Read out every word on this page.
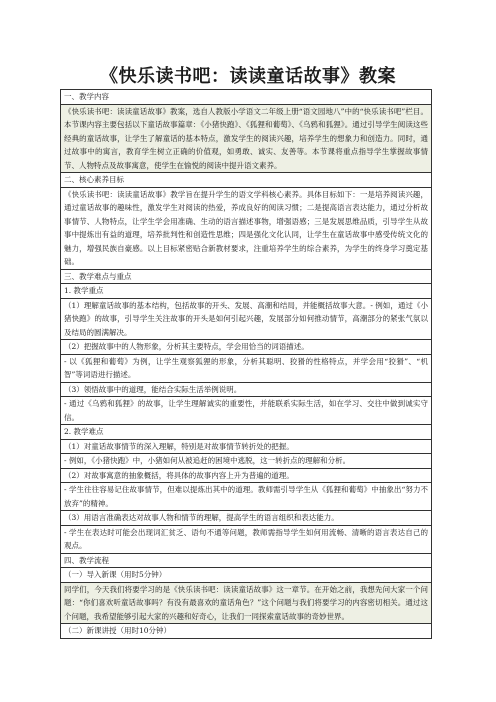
《快乐读书吧：读读童话故事》教案
一、教学内容
《快乐读书吧：读读童话故事》教案，选自人教版小学语文二年级上册“语文园地八”中的“快乐读书吧”栏目。本节课内容主要包括以下童话故事篇章：《小猪快跑》、《狐狸和葡萄》、《乌鸦和狐狸》。通过引导学生阅读这些经典的童话故事，让学生了解童话的基本特点，激发学生的阅读兴趣，培养学生的想象力和创造力。同时，通过故事中的寓言，教育学生树立正确的价值观，如勇敢、诚实、友善等。本节课将重点指导学生掌握故事情节、人物特点及故事寓意，使学生在愉悦的阅读中提升语文素养。
二、核心素养目标
《快乐读书吧：读读童话故事》教学旨在提升学生的语文学科核心素养。具体目标如下：一是培养阅读兴趣，通过童话故事的趣味性，激发学生对阅读的热爱，养成良好的阅读习惯；二是提高语言表达能力，通过分析故事情节、人物特点，让学生学会用准确、生动的语言描述事物，增强语感；三是发展思维品质，引导学生从故事中提炼出有益的道理，培养批判性和创造性思维；四是强化文化认同，让学生在童话故事中感受传统文化的魅力，增强民族自豪感。以上目标紧密贴合新教材要求，注重培养学生的综合素养，为学生的终身学习奠定基础。
三、教学难点与重点
1. 教学重点
（1）理解童话故事的基本结构，包括故事的开头、发展、高潮和结局，并能概括故事大意。- 例如，通过《小猪快跑》的故事，引导学生关注故事的开头是如何引起兴趣，发展部分如何推动情节，高潮部分的紧张气氛以及结局的圆满解决。
（2）把握故事中的人物形象，分析其主要特点，学会用恰当的词语描述。
- 以《狐狸和葡萄》为例，让学生观察狐狸的形象，分析其聪明、狡猾的性格特点，并学会用“狡猾”、“机智”等词语进行描述。
（3）领悟故事中的道理，能结合实际生活举例说明。
- 通过《乌鸦和狐狸》的故事，让学生理解诚实的重要性，并能联系实际生活，如在学习、交往中做到诚实守信。
2. 教学难点
（1）对童话故事情节的深入理解，特别是对故事情节转折处的把握。
- 例如，《小猪快跑》中，小猪如何从被追赶的困境中逃脱，这一转折点的理解和分析。
（2）对故事寓意的抽象概括，将具体的故事内容上升为普遍的道理。
- 学生往往容易记住故事情节，但难以提炼出其中的道理。教师需引导学生从《狐狸和葡萄》中抽象出“努力不放弃”的精神。
（3）用语言准确表达对故事人物和情节的理解，提高学生的语言组织和表达能力。
- 学生在表达时可能会出现词汇贫乏、语句不通等问题，教师需指导学生如何用流畅、清晰的语言表达自己的观点。
四、教学流程
（一）导入新课（用时5分钟）
同学们，今天我们将要学习的是《快乐读书吧：读读童话故事》这一章节。在开始之前，我想先问大家一个问题：“你们喜欢听童话故事吗？有没有最喜欢的童话角色？”这个问题与我们将要学习的内容密切相关。通过这个问题，我希望能够引起大家的兴趣和好奇心，让我们一同探索童话故事的奇妙世界。
（二）新课讲授（用时10分钟）
